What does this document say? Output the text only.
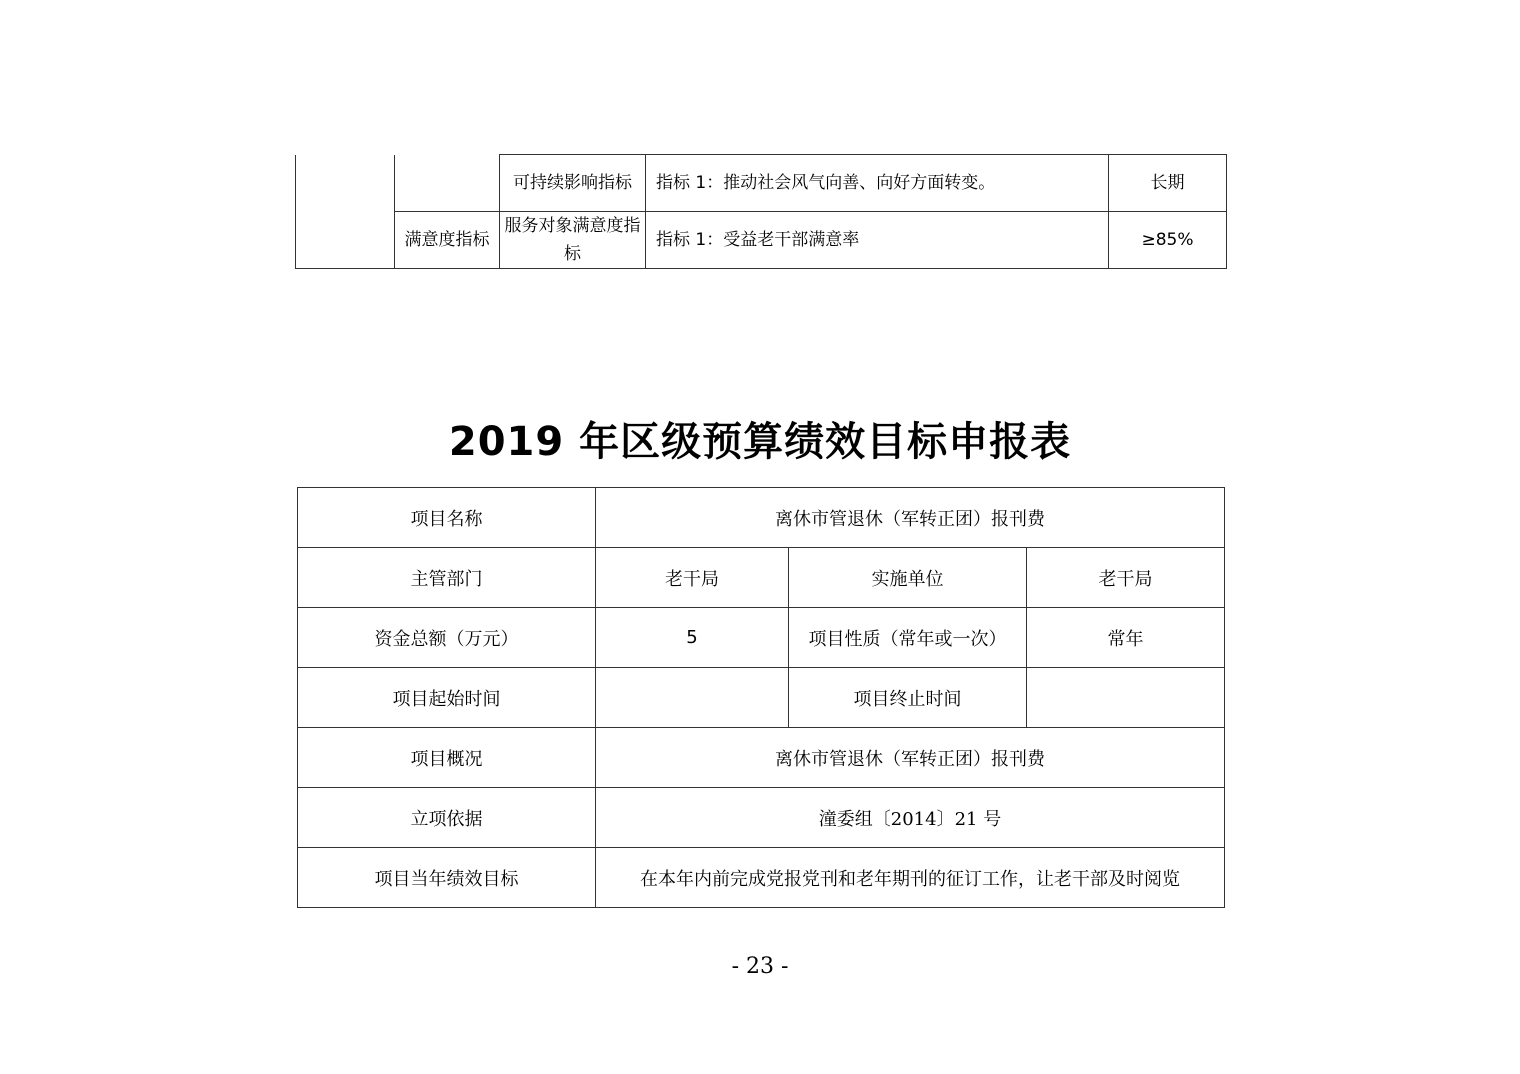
		可持续影响指标	指标 1：推动社会风气向善、向好方面转变。	长期
	满意度指标	服务对象满意度指标	指标 1：受益老干部满意率	≥85%
2019 年区级预算绩效目标申报表
项目名称	离休市管退休（军转正团）报刊费		
主管部门	老干局	实施单位	老干局
资金总额（万元）	5	项目性质（常年或一次）	常年
项目起始时间		项目终止时间	
项目概况	离休市管退休（军转正团）报刊费		
立项依据	潼委组〔2014〕21 号		
项目当年绩效目标	在本年内前完成党报党刊和老年期刊的征订工作，让老干部及时阅览		
- 23 -
